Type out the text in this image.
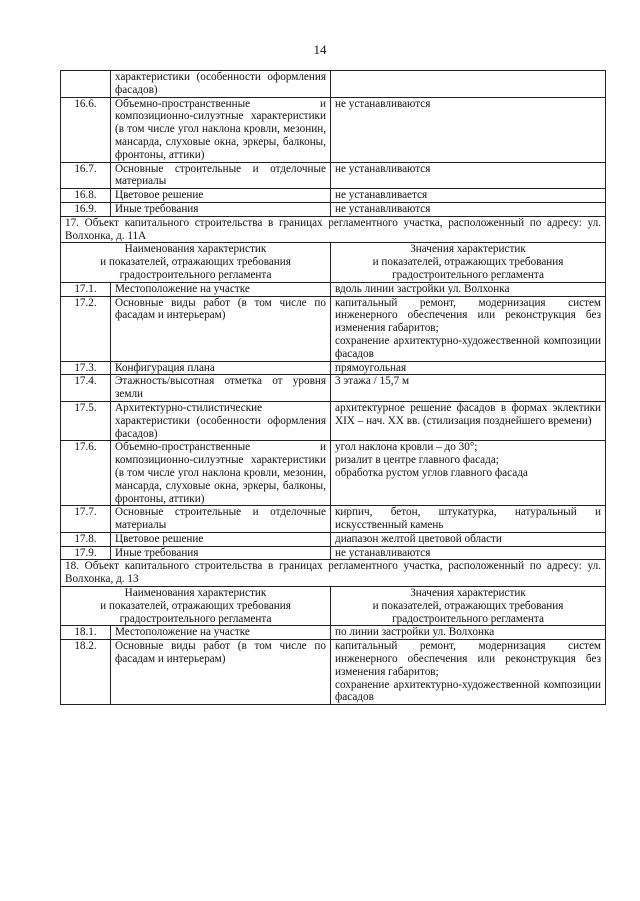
14
	характеристики (особенности оформления фасадов)	
16.6.	Объемно-пространственные и композиционно-силуэтные характеристики (в том числе угол наклона кровли, мезонин, мансарда, слуховые окна, эркеры, балконы, фронтоны, аттики)	не устанавливаются
16.7.	Основные строительные и отделочные материалы	не устанавливаются
16.8.	Цветовое решение	не устанавливается
16.9.	Иные требования	не устанавливаются
17. Объект капитального строительства в границах регламентного участка, расположенный по адресу: ул. Волхонка, д. 11А		

Наименования характеристик
и показателей, отражающих требования
градостроительного регламента		Значения характеристик
и показателей, отражающих требования
градостроительного регламента

17.1.	Местоположение на участке	вдоль линии застройки ул. Волхонка

17.2.	Основные виды работ (в том числе по фасадам и интерьерам)	капитальный ремонт, модернизация систем инженерного обеспечения или реконструкция без изменения габаритов;
сохранение архитектурно-художественной композиции фасадов

17.3.	Конфигурация плана	прямоугольная

17.4.	Этажность/высотная отметка от уровня земли	3 этажа / 15,7 м

17.5.	Архитектурно-стилистические характеристики (особенности оформления фасадов)	архитектурное решение фасадов в формах эклектики XIX – нач. XX вв. (стилизация позднейшего времени)

17.6.	Объемно-пространственные и композиционно-силуэтные характеристики (в том числе угол наклона кровли, мезонин, мансарда, слуховые окна, эркеры, балконы, фронтоны, аттики)	угол наклона кровли – до 30°;
ризалит в центре главного фасада;
обработка рустом углов главного фасада

17.7.	Основные строительные и отделочные материалы	кирпич, бетон, штукатурка, натуральный и искусственный камень

17.8.	Цветовое решение	диапазон желтой цветовой области

17.9.	Иные требования	не устанавливаются

18. Объект капитального строительства в границах регламентного участка, расположенный по адресу: ул. Волхонка, д. 13		

Наименования характеристик
и показателей, отражающих требования
градостроительного регламента		Значения характеристик
и показателей, отражающих требования
градостроительного регламента

18.1.	Местоположение на участке	по линии застройки ул. Волхонка

18.2.	Основные виды работ (в том числе по фасадам и интерьерам)	капитальный ремонт, модернизация систем инженерного обеспечения или реконструкция без изменения габаритов;
сохранение архитектурно-художественной композиции фасадов
